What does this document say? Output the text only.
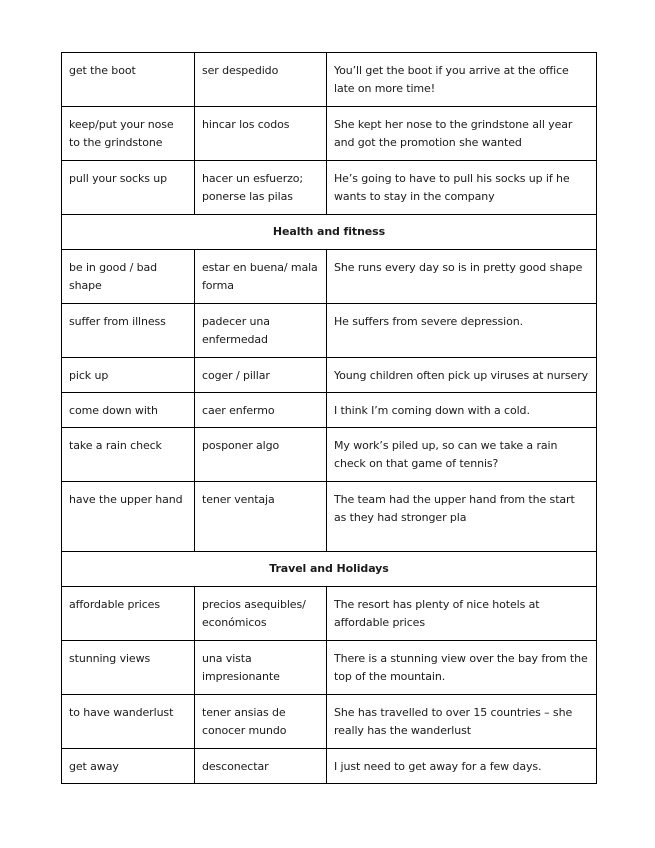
get the boot	ser despedido	You’ll get the boot if you arrive at the office late on more time!
keep/put your nose to the grindstone	hincar los codos	She kept her nose to the grindstone all year and got the promotion she wanted
pull your socks up	hacer un esfuerzo; ponerse las pilas	He’s going to have to pull his socks up if he wants to stay in the company
Health and fitness		
be in good / bad shape	estar en buena/ mala forma	She runs every day so is in pretty good shape
suffer from illness	padecer una enfermedad	He suffers from severe depression.
pick up	coger / pillar	Young children often pick up viruses at nursery
come down with	caer enfermo	I think I’m coming down with a cold.
take a rain check	posponer algo	My work’s piled up, so can we take a rain check on that game of tennis?
have the upper hand	tener ventaja	The team had the upper hand from the start as they had stronger pla
Travel and Holidays		
affordable prices	precios asequibles/ económicos	The resort has plenty of nice hotels at affordable prices
stunning views	una vista impresionante	There is a stunning view over the bay from the top of the mountain.
to have wanderlust	tener ansias de conocer mundo	She has travelled to over 15 countries – she really has the wanderlust
get away	desconectar	I just need to get away for a few days.
